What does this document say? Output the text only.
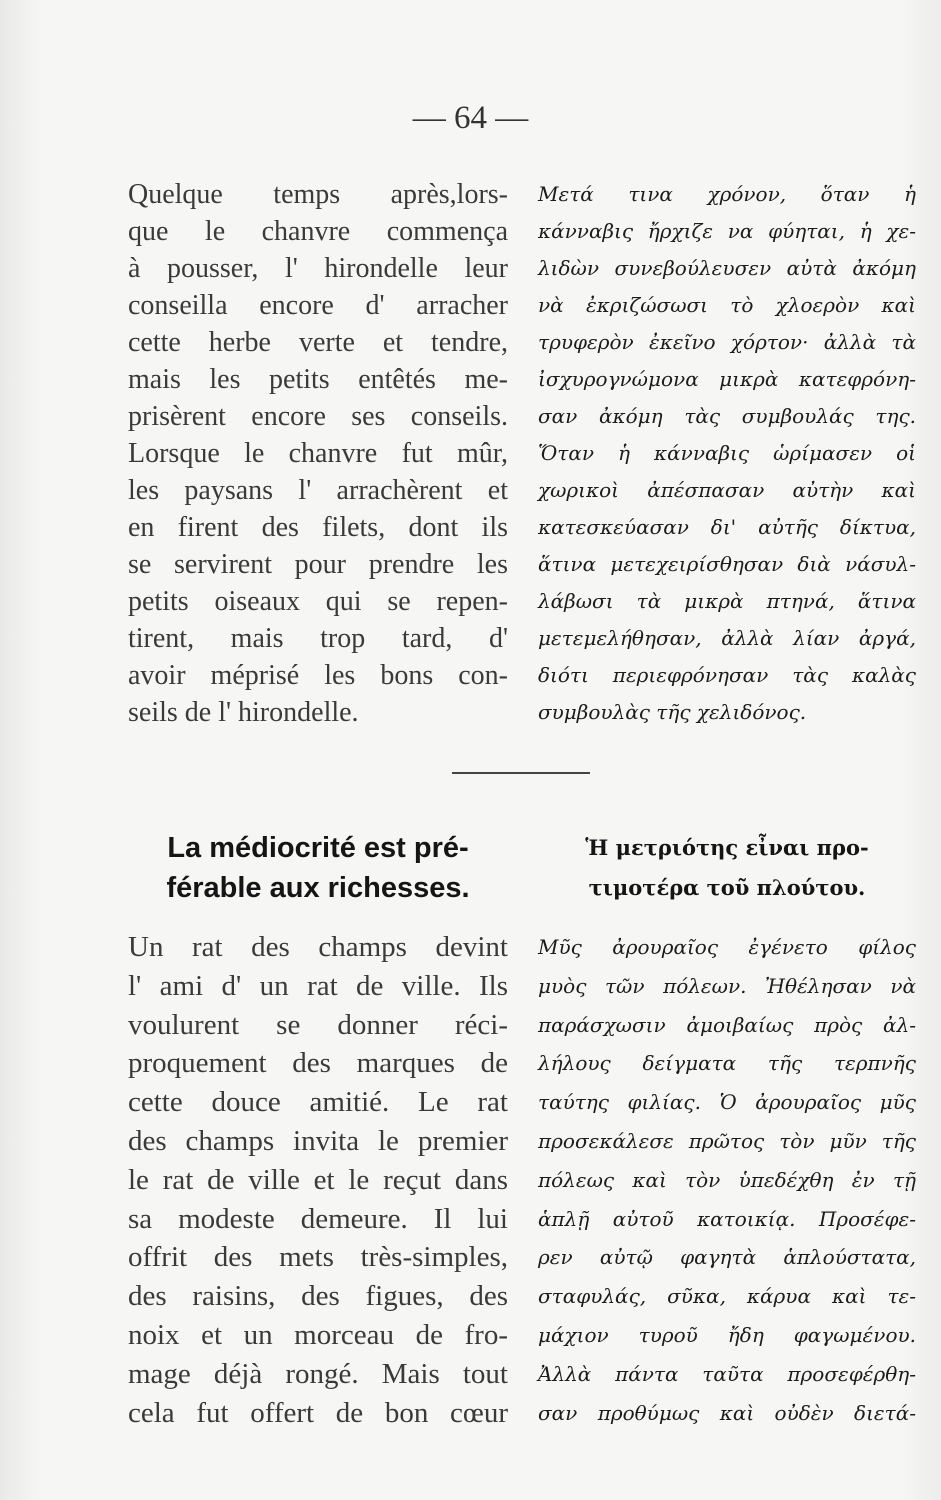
— 64 —
Quelque temps après,lors-
que le chanvre commença
à pousser, l' hirondelle leur
conseilla encore d' arracher
cette herbe verte et tendre,
mais les petits entêtés me-
prisèrent encore ses conseils.
Lorsque le chanvre fut mûr,
les paysans l' arrachèrent et
en firent des filets, dont ils
se servirent pour prendre les
petits oiseaux qui se repen-
tirent, mais trop tard, d'
avoir méprisé les bons con-
seils de l' hirondelle.
Μετά τινα χρόνον, ὅταν ἡ
κάνναβις ἤρχιζε να φύηται, ἡ χε-
λιδὼν συνεβούλευσεν αὐτὰ ἀκόμη
νὰ ἐκριζώσωσι τὸ χλοερὸν καὶ
τρυφερὸν ἐκεῖνο χόρτον· ἀλλὰ τὰ
ἰσχυρογνώμονα μικρὰ κατεφρόνη-
σαν ἀκόμη τὰς συμβουλάς της.
Ὅταν ἡ κάνναβις ὡρίμασεν οἱ
χωρικοὶ ἀπέσπασαν αὐτὴν καὶ
κατεσκεύασαν δι' αὐτῆς δίκτυα,
ἅτινα μετεχειρίσθησαν διὰ νάσυλ-
λάβωσι τὰ μικρὰ πτηνά, ἅτινα
μετεμελήθησαν, ἀλλὰ λίαν ἀργά,
διότι περιεφρόνησαν τὰς καλὰς
συμβουλὰς τῆς χελιδόνος.
La médiocrité est pré-
férable aux richesses.
Ἡ μετριότης εἶναι προ-
τιμοτέρα τοῦ πλούτου.
Un rat des champs devint
l' ami d' un rat de ville. Ils
voulurent se donner réci-
proquement des marques de
cette douce amitié. Le rat
des champs invita le premier
le rat de ville et le reçut dans
sa modeste demeure. Il lui
offrit des mets très-simples,
des raisins, des figues, des
noix et un morceau de fro-
mage déjà rongé. Mais tout
cela fut offert de bon cœur
Μῦς ἀρουραῖος ἐγένετο φίλος
μυὸς τῶν πόλεων. Ἠθέλησαν νὰ
παράσχωσιν ἀμοιβαίως πρὸς ἀλ-
λήλους δείγματα τῆς τερπνῆς
ταύτης φιλίας. Ὁ ἀρουραῖος μῦς
προσεκάλεσε πρῶτος τὸν μῦν τῆς
πόλεως καὶ τὸν ὑπεδέχθη ἐν τῇ
ἁπλῇ αὐτοῦ κατοικίᾳ. Προσέφε-
ρεν αὐτῷ φαγητὰ ἁπλούστατα,
σταφυλάς, σῦκα, κάρυα καὶ τε-
μάχιον τυροῦ ἤδη φαγωμένου.
Ἀλλὰ πάντα ταῦτα προσεφέρθη-
σαν προθύμως καὶ οὐδὲν διετά-
